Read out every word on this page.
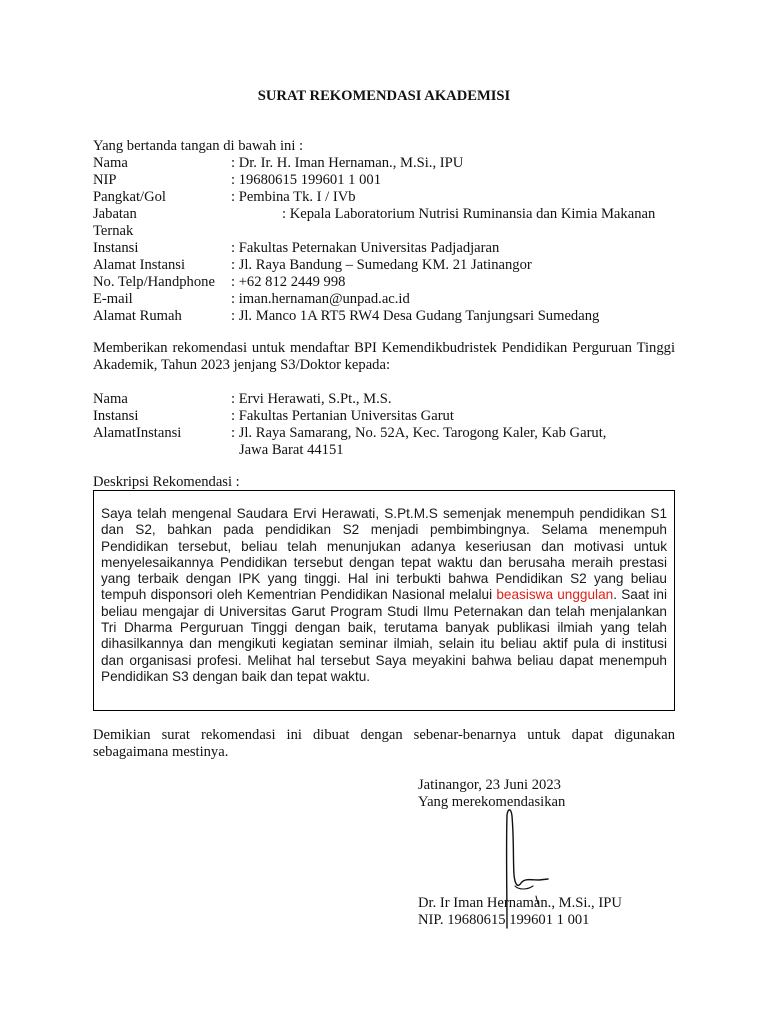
SURAT REKOMENDASI AKADEMISI
Yang bertanda tangan di bawah ini :
Nama	: Dr. Ir. H. Iman Hernaman., M.Si., IPU
NIP	: 19680615 199601 1 001
Pangkat/Gol	: Pembina Tk. I / IVb
Jabatan	: Kepala Laboratorium Nutrisi Ruminansia dan Kimia Makanan
Ternak
Instansi	: Fakultas Peternakan Universitas Padjadjaran
Alamat Instansi	: Jl. Raya Bandung – Sumedang KM. 21 Jatinangor
No. Telp/Handphone : +62 812 2449 998
E-mail	: iman.hernaman@unpad.ac.id
Alamat Rumah	: Jl. Manco 1A RT5 RW4 Desa Gudang Tanjungsari Sumedang
Memberikan rekomendasi untuk mendaftar BPI Kemendikbudristek Pendidikan Perguruan Tinggi Akademik, Tahun 2023 jenjang S3/Doktor kepada:
Nama	: Ervi Herawati, S.Pt., M.S.
Instansi	: Fakultas Pertanian Universitas Garut
AlamatInstansi	: Jl. Raya Samarang, No. 52A, Kec. Tarogong Kaler, Kab Garut,
Jawa Barat 44151
Deskripsi Rekomendasi :
Saya telah mengenal Saudara Ervi Herawati, S.Pt.M.S semenjak menempuh pendidikan S1 dan S2, bahkan pada pendidikan S2 menjadi pembimbingnya. Selama menempuh Pendidikan tersebut, beliau telah menunjukan adanya keseriusan dan motivasi untuk menyelesaikannya Pendidikan tersebut dengan tepat waktu dan berusaha meraih prestasi yang terbaik dengan IPK yang tinggi. Hal ini terbukti bahwa Pendidikan S2 yang beliau tempuh disponsori oleh Kementrian Pendidikan Nasional melalui beasiswa unggulan. Saat ini beliau mengajar di Universitas Garut Program Studi Ilmu Peternakan dan telah menjalankan Tri Dharma Perguruan Tinggi dengan baik, terutama banyak publikasi ilmiah yang telah dihasilkannya dan mengikuti kegiatan seminar ilmiah, selain itu beliau aktif pula di institusi dan organisasi profesi. Melihat hal tersebut Saya meyakini bahwa beliau dapat menempuh Pendidikan S3 dengan baik dan tepat waktu.
Demikian surat rekomendasi ini dibuat dengan sebenar-benarnya untuk dapat digunakan sebagaimana mestinya.
Jatinangor, 23 Juni 2023
Yang merekomendasikan
Dr. Ir Iman Hernaman., M.Si., IPU
NIP. 19680615 199601 1 001
